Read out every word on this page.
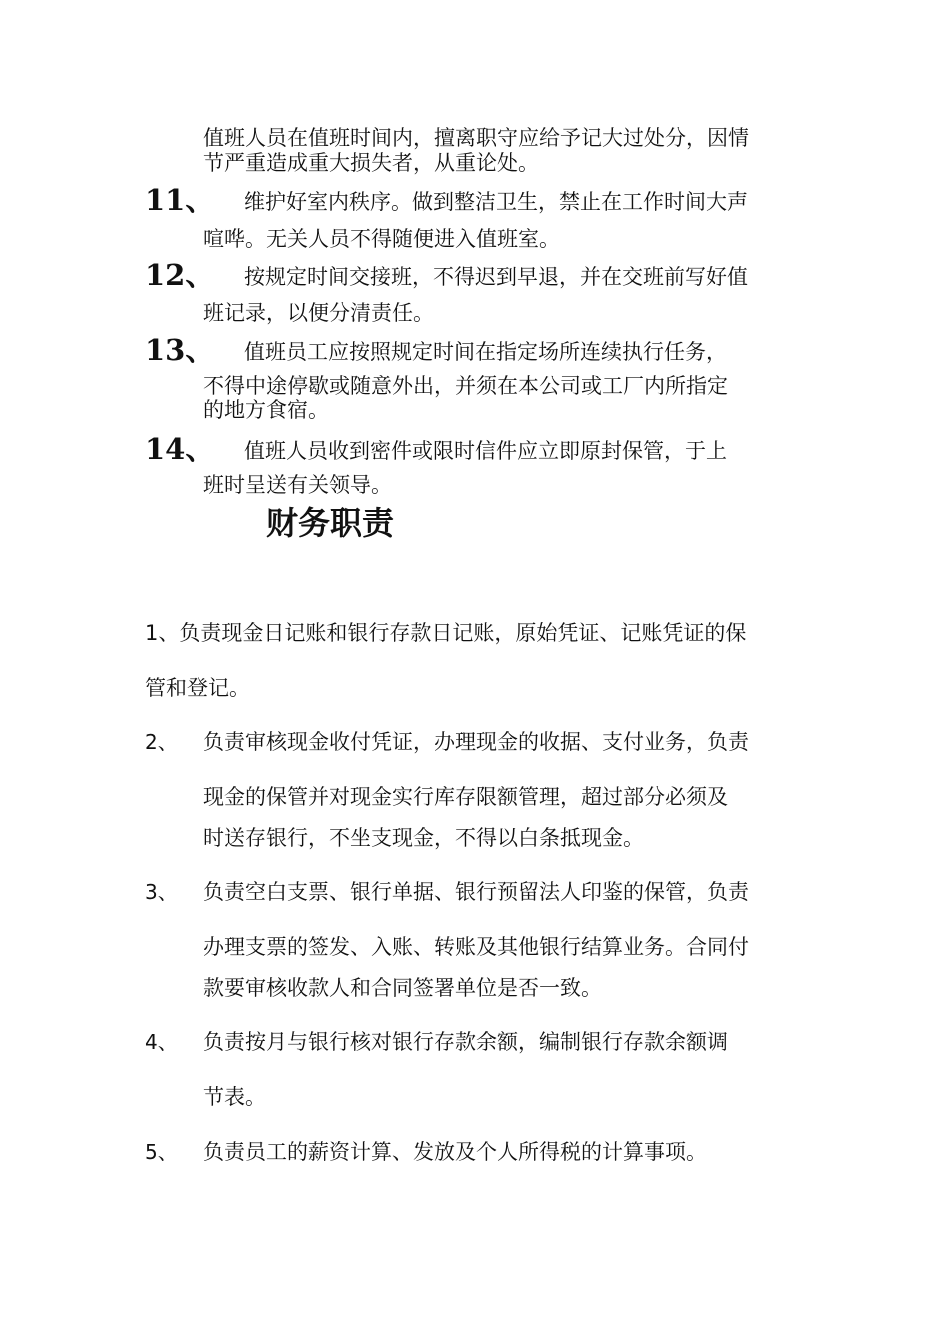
值班人员在值班时间内，擅离职守应给予记大过处分，因情
节严重造成重大损失者，从重论处。
11、 维护好室内秩序。做到整洁卫生，禁止在工作时间大声
喧哗。无关人员不得随便进入值班室。
12、 按规定时间交接班，不得迟到早退，并在交班前写好值
班记录，以便分清责任。
13、 值班员工应按照规定时间在指定场所连续执行任务，
不得中途停歇或随意外出，并须在本公司或工厂内所指定
的地方食宿。
14、 值班人员收到密件或限时信件应立即原封保管，于上
班时呈送有关领导。
财务职责
1、负责现金日记账和银行存款日记账，原始凭证、记账凭证的保
管和登记。
2、 负责审核现金收付凭证，办理现金的收据、支付业务，负责
现金的保管并对现金实行库存限额管理，超过部分必须及
时送存银行，不坐支现金，不得以白条抵现金。
3、 负责空白支票、银行单据、银行预留法人印鉴的保管，负责
办理支票的签发、入账、转账及其他银行结算业务。合同付
款要审核收款人和合同签署单位是否一致。
4、 负责按月与银行核对银行存款余额，编制银行存款余额调
节表。
5、 负责员工的薪资计算、发放及个人所得税的计算事项。
